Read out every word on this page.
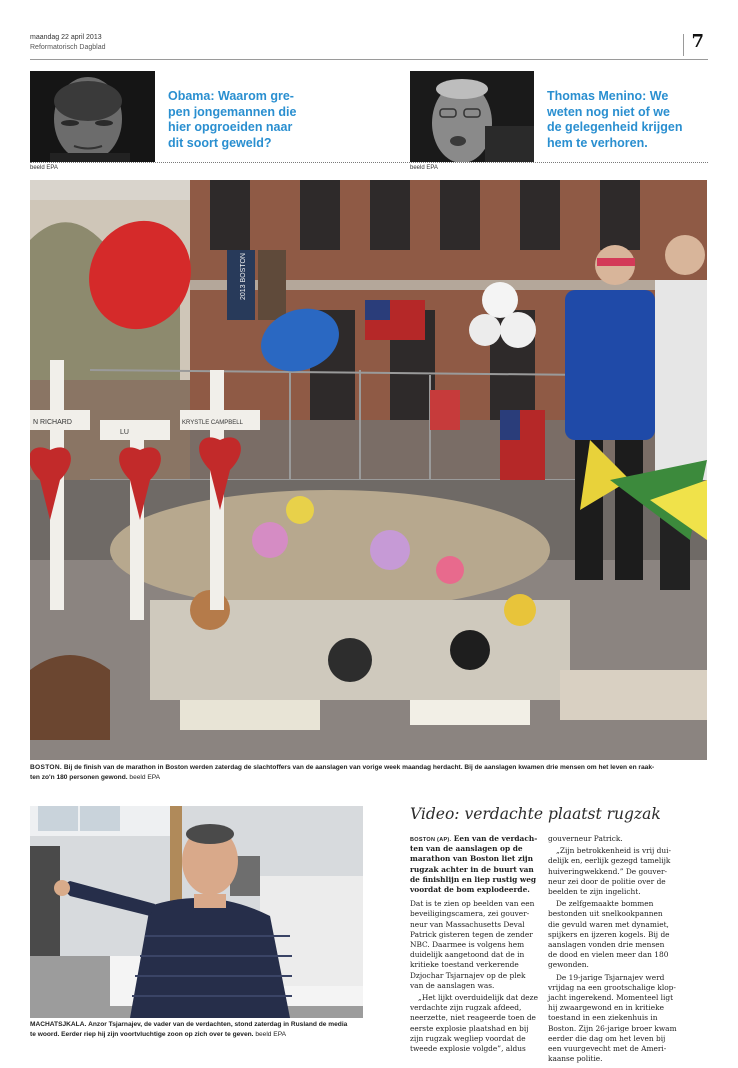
maandag 22 april 2013
Reformatorisch Dagblad	7
Obama: Waarom gre-
pen jongemannen die
hier opgroeiden naar
dit soort geweld?
beeld EPA
Thomas Menino: We
weten nog niet of we
de gelegenheid krijgen
hem te verhoren.
beeld EPA
2013 BOSTON
N RICHARD
LU
KRYSTLE CAMPBELL
BOSTON. Bij de finish van de marathon in Boston werden zaterdag de slachtoffers van de aanslagen van vorige week maandag herdacht. Bij de aanslagen kwamen drie mensen om het leven en raak-
ten zo'n 180 personen gewond. beeld EPA
MACHATSJKALA. Anzor Tsjarnajev, de vader van de verdachten, stond zaterdag in Rusland de media
te woord. Eerder riep hij zijn voortvluchtige zoon op zich over te geven. beeld EPA
Video: verdachte plaatst rugzak

BOSTON (AP). Een van de verdach-
ten van de aanslagen op de
marathon van Boston liet zijn
rugzak achter in de buurt van
de finishlijn en liep rustig weg
voordat de bom explodeerde.

Dat is te zien op beelden van een
beveiligingscamera, zei gouver-
neur van Massachusetts Deval
Patrick gisteren tegen de zender
NBC. Daarmee is volgens hem
duidelijk aangetoond dat de in
kritieke toestand verkerende
Dzjochar Tsjarnajev op de plek
van de aanslagen was.

„Het lijkt overduidelijk dat deze
verdachte zijn rugzak afdeed,
neerzette, niet reageerde toen de
eerste explosie plaatshad en bij
zijn rugzak wegliep voordat de
tweede explosie volgde”, aldus

gouverneur Patrick.

„Zijn betrokkenheid is vrij dui-
delijk en, eerlijk gezegd tamelijk
huiveringwekkend.” De gouver-
neur zei door de politie over de
beelden te zijn ingelicht.

De zelfgemaakte bommen
bestonden uit snelkookpannen
die gevuld waren met dynamiet,
spijkers en ijzeren kogels. Bij de
aanslagen vonden drie mensen
de dood en vielen meer dan 180
gewonden.

De 19-jarige Tsjarnajev werd
vrijdag na een grootschalige klop-
jacht ingerekend. Momenteel ligt
hij zwaargewond en in kritieke
toestand in een ziekenhuis in
Boston. Zijn 26-jarige broer kwam
eerder die dag om het leven bij
een vuurgevecht met de Ameri-
kaanse politie.
